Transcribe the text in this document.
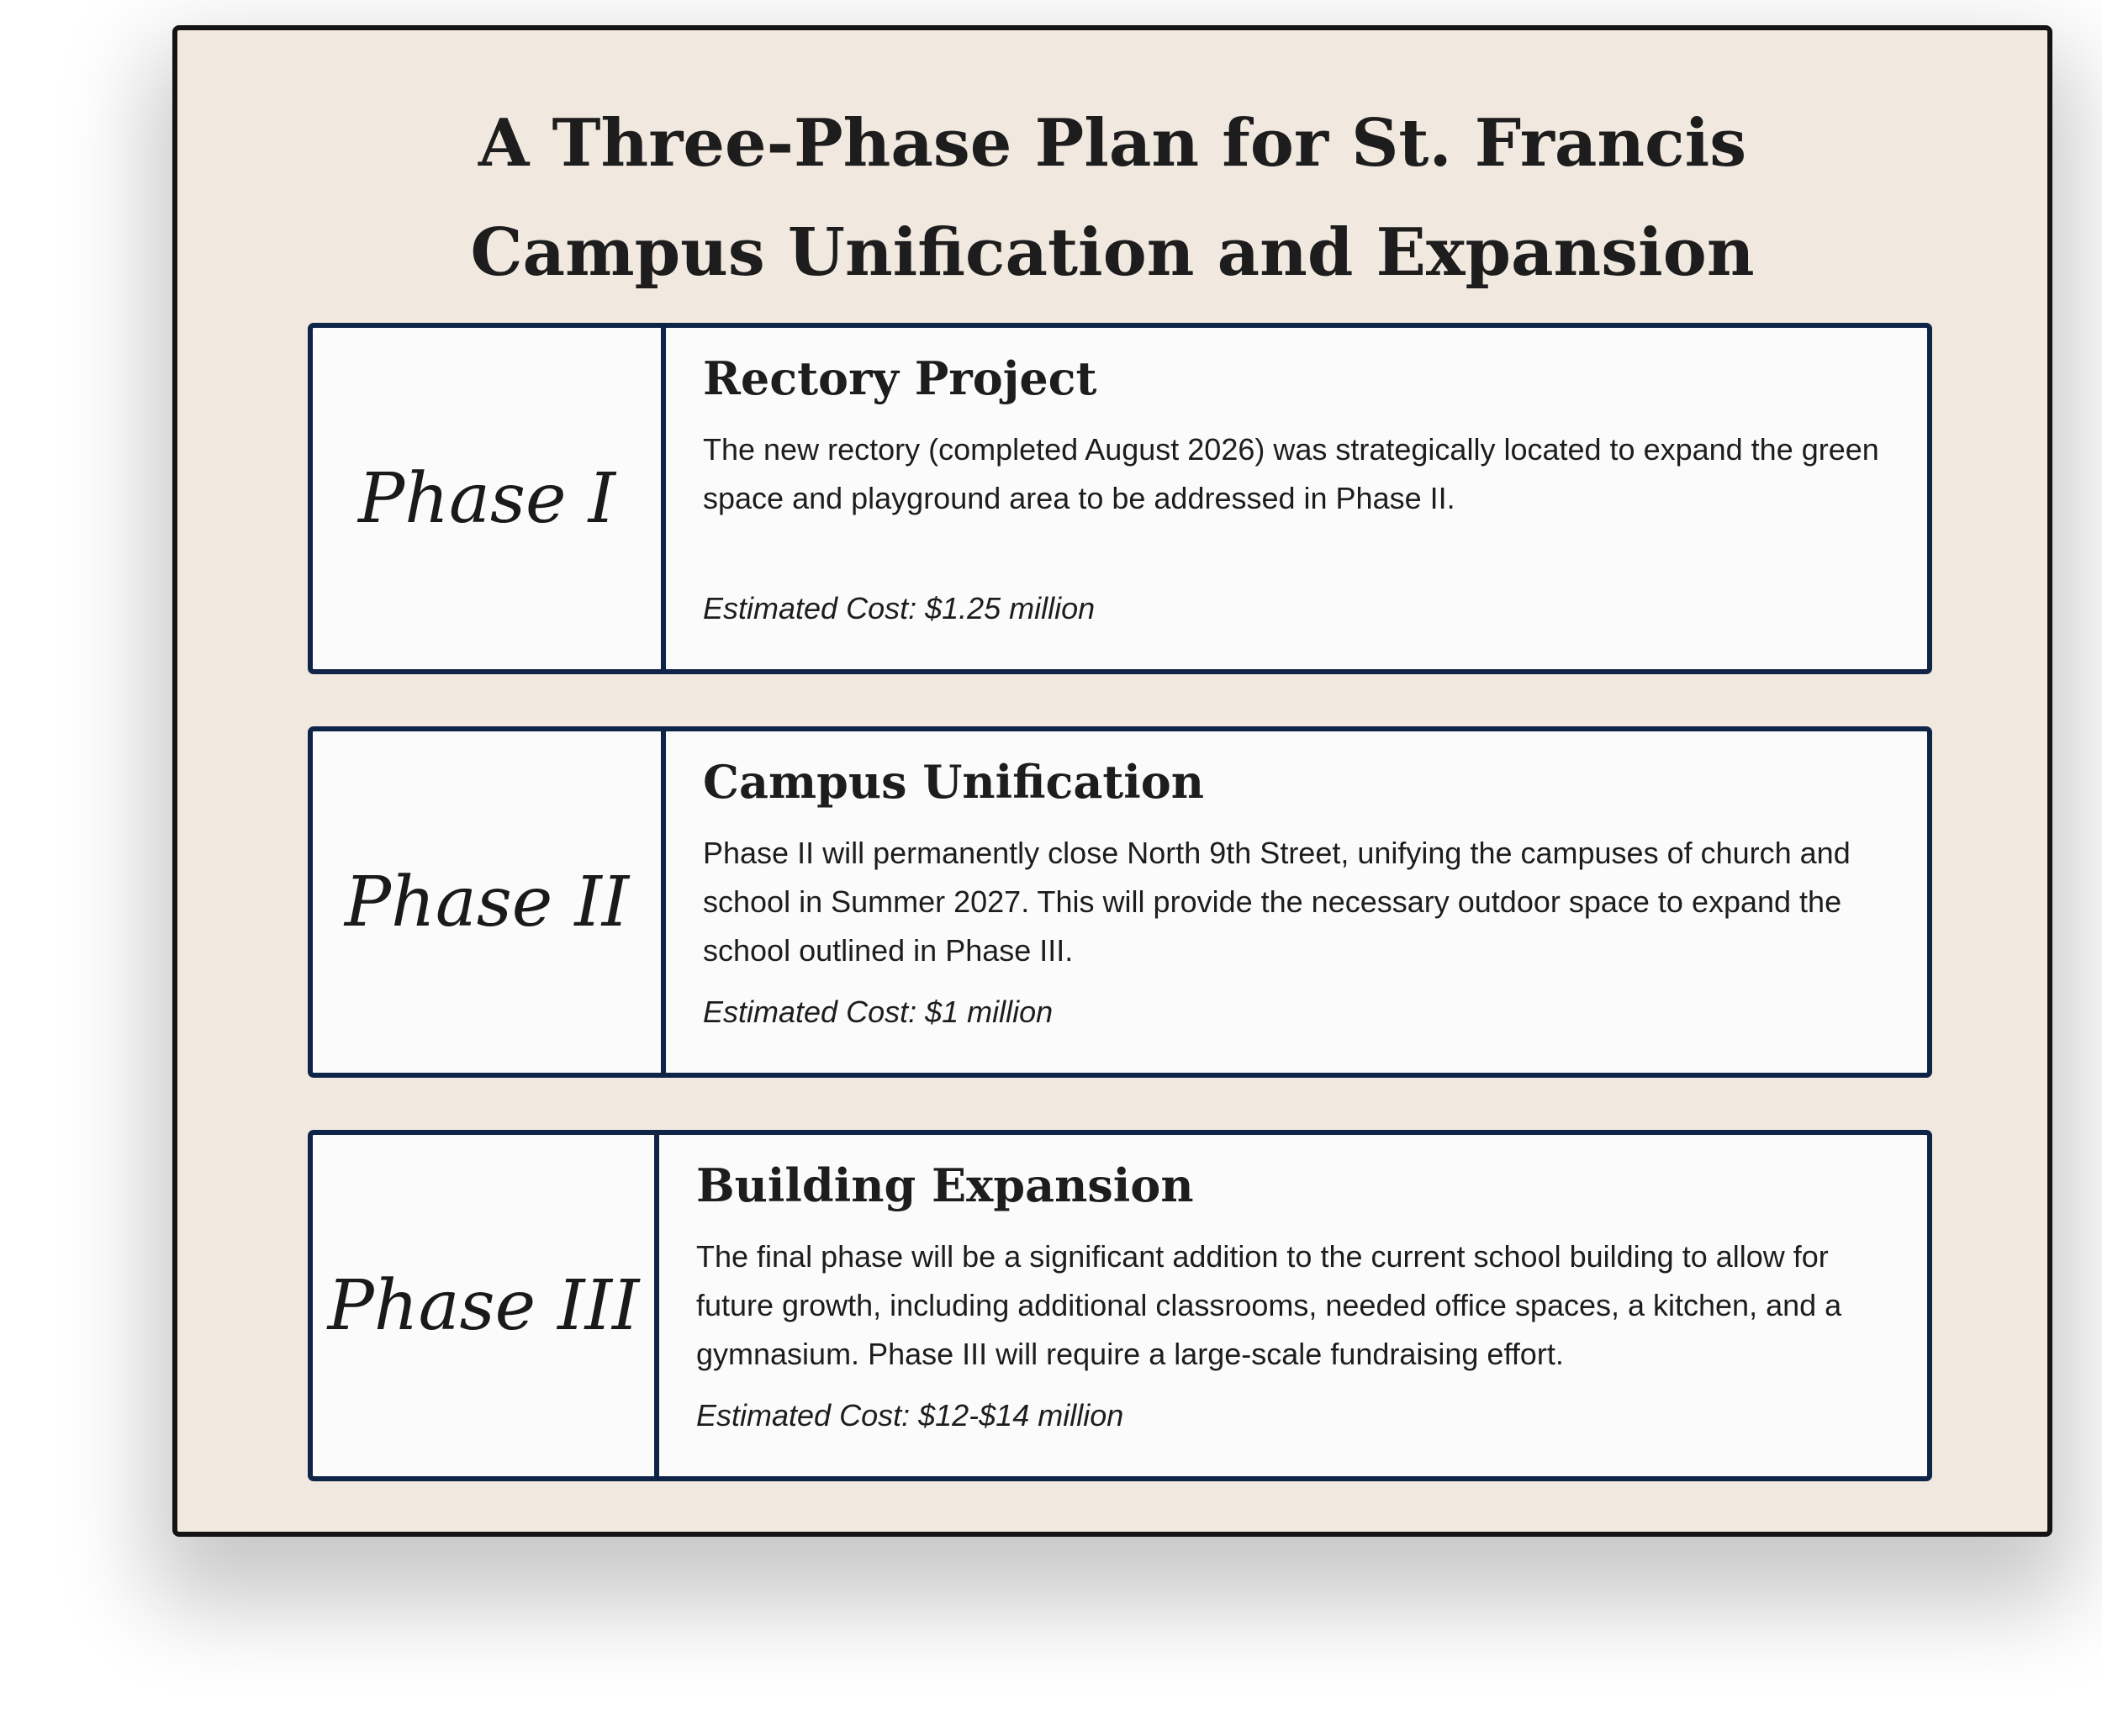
A Three-Phase Plan for St. Francis
Campus Unification and Expansion
Phase I
Rectory Project

The new rectory (completed August 2026) was strategically located to expand the green space and playground area to be addressed in Phase II.

Estimated Cost: $1.25 million
Phase II
Campus Unification

Phase II will permanently close North 9th Street, unifying the campuses of church and school in Summer 2027. This will provide the necessary outdoor space to expand the school outlined in Phase III.

Estimated Cost: $1 million
Phase III
Building Expansion

The final phase will be a significant addition to the current school building to allow for future growth, including additional classrooms, needed office spaces, a kitchen, and a gymnasium. Phase III will require a large-scale fundraising effort.

Estimated Cost: $12-$14 million
